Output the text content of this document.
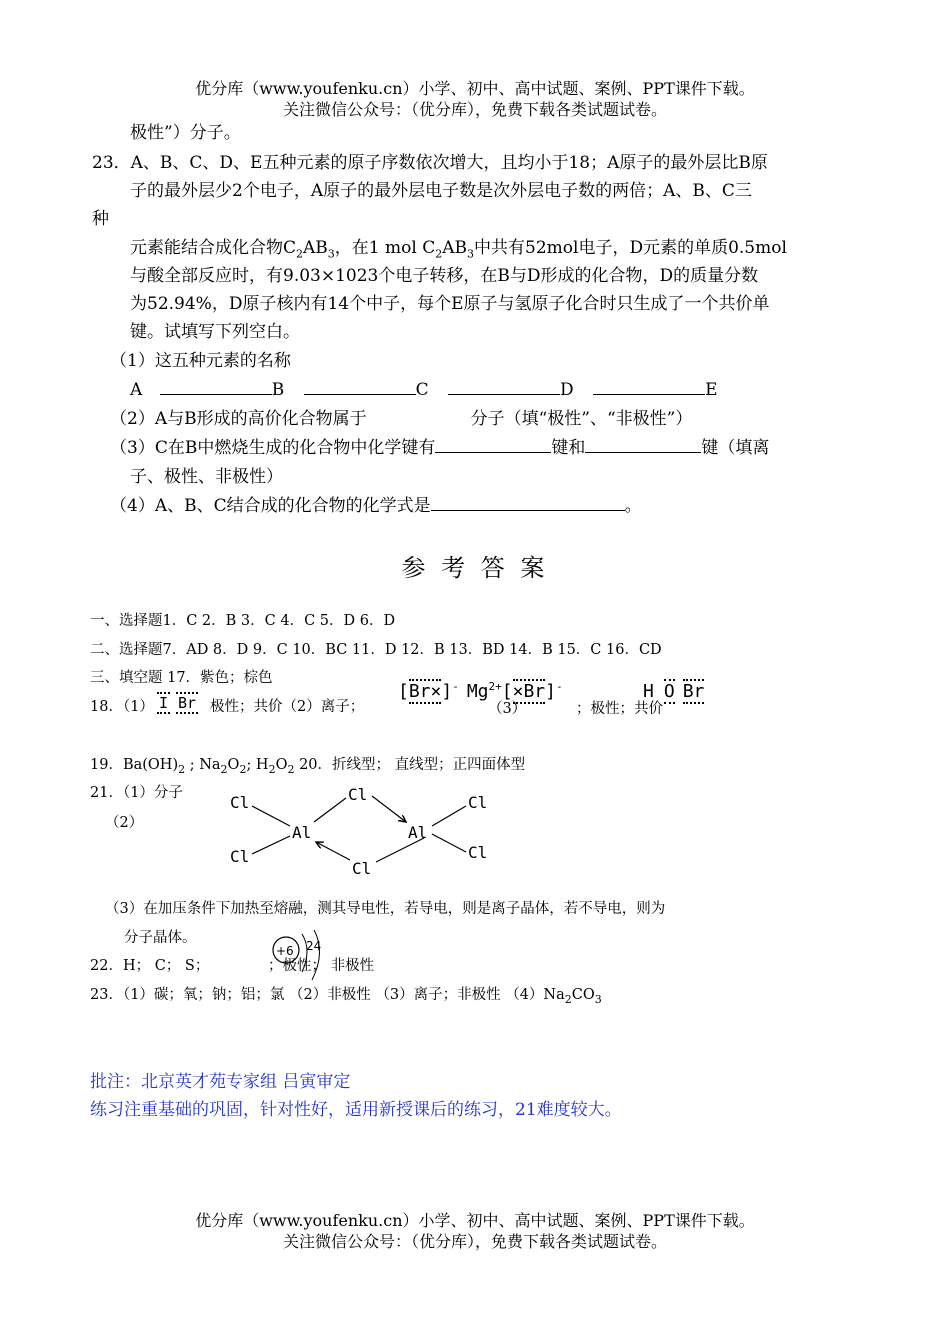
优分库（www.youfenku.cn）小学、初中、高中试题、案例、PPT课件下载。
关注微信公众号：（优分库），免费下载各类试题试卷。
极性”）分子。
23．A、B、C、D、E五种元素的原子序数依次增大，且均小于18；A原子的最外层比B原
子的最外层少2个电子，A原子的最外层电子数是次外层电子数的两倍；A、B、C三
种
元素能结合成化合物$C_2AB_3$，在1 mol $C_2AB_3$中共有52mol电子，D元素的单质0.5mol
与酸全部反应时，有9.03×1023个电子转移，在B与D形成的化合物，D的质量分数
为52.94%，D原子核内有14个中子，每个E原子与氢原子化合时只生成了一个共价单
键。试填写下列空白。
（1）这五种元素的名称
A	B	C	D	E
（2）A与B形成的高价化合物属于	分子（填“极性”、“非极性”）
（3）C在B中燃烧生成的化合物中化学键有	键和	键（填离
子、极性、非极性）
（4）A、B、C结合成的化合物的化学式是	。
参 考 答 案
一、选择题1．C 2．B 3．C 4．C 5．D 6．D
二、选择题7．AD 8．D 9．C 10．BC 11．D 12．B 13．BD 14．B 15．C 16．CD
三、填空题 17．紫色；棕色
18．（1） I Br 极性；共价（2）离子；
[Br×]- $Mg^{2+}[\times Br]^-$
（3）	；极性；共价
H O Br
19．$Ba(OH)_2$ ; $Na_2O_2$; $H_2O_2$ 20．折线型； 直线型；正四面体型
21．（1）分子
（2）
Cl
Cl
Cl
Cl
Cl
Cl
Al	Al
（3）在加压条件下加热至熔融，测其导电性，若导电，则是离子晶体，若不导电，则为
分子晶体。
22．H； C； S；
+6 24
；极性； 非极性
23．（1）碳；氧；钠；铝；氯 （2）非极性 （3）离子；非极性 $(4)Na_2CO_3$
批注：北京英才苑专家组 吕寅审定
练习注重基础的巩固，针对性好，适用新授课后的练习，21难度较大。
优分库（www.youfenku.cn）小学、初中、高中试题、案例、PPT课件下载。
关注微信公众号：（优分库），免费下载各类试题试卷。
